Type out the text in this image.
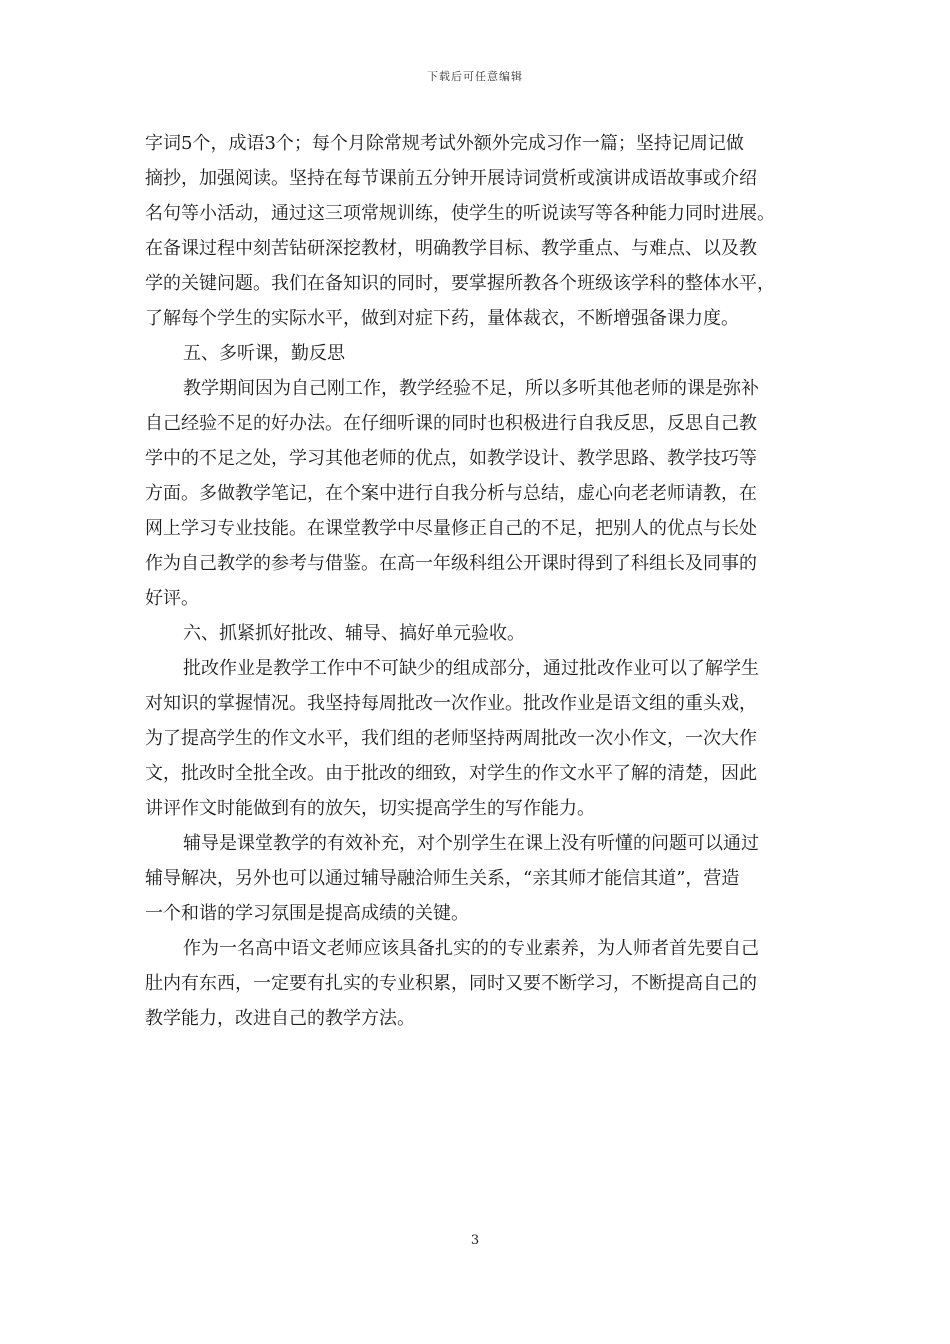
下载后可任意编辑
字词5个，成语3个；每个月除常规考试外额外完成习作一篇；坚持记周记做
摘抄，加强阅读。坚持在每节课前五分钟开展诗词赏析或演讲成语故事或介绍
名句等小活动，通过这三项常规训练，使学生的听说读写等各种能力同时进展。
在备课过程中刻苦钻研深挖教材，明确教学目标、教学重点、与难点、以及教
学的关键问题。我们在备知识的同时，要掌握所教各个班级该学科的整体水平，
了解每个学生的实际水平，做到对症下药，量体裁衣，不断增强备课力度。
五、多听课，勤反思
教学期间因为自己刚工作，教学经验不足，所以多听其他老师的课是弥补
自己经验不足的好办法。在仔细听课的同时也积极进行自我反思，反思自己教
学中的不足之处，学习其他老师的优点，如教学设计、教学思路、教学技巧等
方面。多做教学笔记，在个案中进行自我分析与总结，虚心向老老师请教，在
网上学习专业技能。在课堂教学中尽量修正自己的不足，把别人的优点与长处
作为自己教学的参考与借鉴。在高一年级科组公开课时得到了科组长及同事的
好评。
六、抓紧抓好批改、辅导、搞好单元验收。
批改作业是教学工作中不可缺少的组成部分，通过批改作业可以了解学生
对知识的掌握情况。我坚持每周批改一次作业。批改作业是语文组的重头戏，
为了提高学生的作文水平，我们组的老师坚持两周批改一次小作文，一次大作
文，批改时全批全改。由于批改的细致，对学生的作文水平了解的清楚，因此
讲评作文时能做到有的放矢，切实提高学生的写作能力。
辅导是课堂教学的有效补充，对个别学生在课上没有听懂的问题可以通过
辅导解决，另外也可以通过辅导融洽师生关系，“亲其师才能信其道”，营造
一个和谐的学习氛围是提高成绩的关键。
作为一名高中语文老师应该具备扎实的的专业素养，为人师者首先要自己
肚内有东西，一定要有扎实的专业积累，同时又要不断学习，不断提高自己的
教学能力，改进自己的教学方法。
3
